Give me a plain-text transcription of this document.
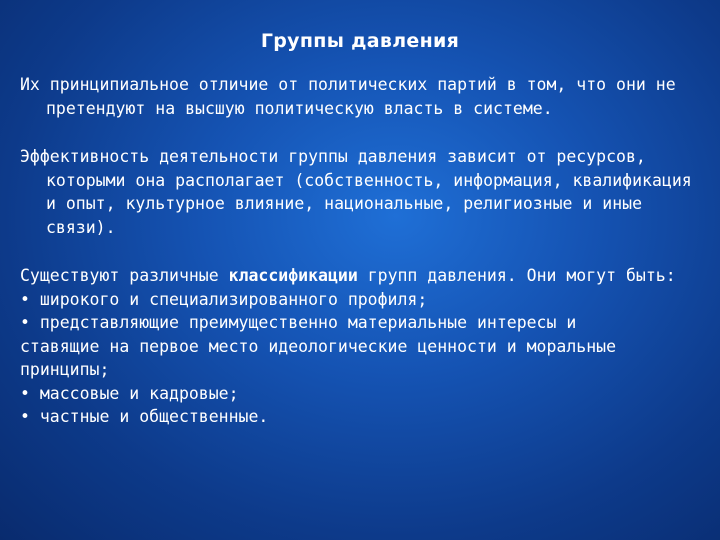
Группы давления

Их принципиальное отличие от политических партий в том, что они не претендуют на высшую политическую власть в системе.

Эффективность деятельности группы давления зависит от ресурсов, которыми она располагает (собственность, информация, квалификация и опыт, культурное влияние, национальные, религиозные и иные связи).

Существуют различные классификации групп давления. Они могут быть:

• широкого и специализированного профиля;

• представляющие преимущественно материальные интересы и

ставящие на первое место идеологические ценности и моральные

принципы;

• массовые и кадровые;

• частные и общественные.
